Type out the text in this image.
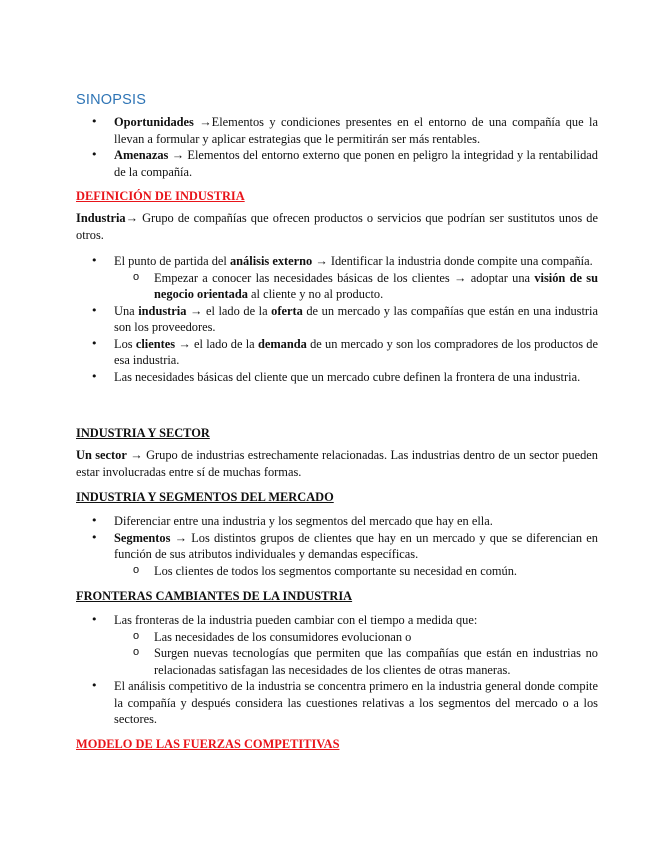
SINOPSIS
• Oportunidades →Elementos y condiciones presentes en el entorno de una compañía que la llevan a formular y aplicar estrategias que le permitirán ser más rentables.
• Amenazas → Elementos del entorno externo que ponen en peligro la integridad y la rentabilidad de la compañía.

DEFINICIÓN DE INDUSTRIA

Industria→ Grupo de compañías que ofrecen productos o servicios que podrían ser sustitutos unos de otros.

• El punto de partida del análisis externo → Identificar la industria donde compite una compañía.
o Empezar a conocer las necesidades básicas de los clientes → adoptar una visión de su negocio orientada al cliente y no al producto.
• Una industria → el lado de la oferta de un mercado y las compañías que están en una industria son los proveedores.
• Los clientes → el lado de la demanda de un mercado y son los compradores de los productos de esa industria.
• Las necesidades básicas del cliente que un mercado cubre definen la frontera de una industria.

INDUSTRIA Y SECTOR

Un sector → Grupo de industrias estrechamente relacionadas. Las industrias dentro de un sector pueden estar involucradas entre sí de muchas formas.

INDUSTRIA Y SEGMENTOS DEL MERCADO

• Diferenciar entre una industria y los segmentos del mercado que hay en ella.
• Segmentos → Los distintos grupos de clientes que hay en un mercado y que se diferencian en función de sus atributos individuales y demandas específicas.
o Los clientes de todos los segmentos comportante su necesidad en común.

FRONTERAS CAMBIANTES DE LA INDUSTRIA

• Las fronteras de la industria pueden cambiar con el tiempo a medida que:
o Las necesidades de los consumidores evolucionan o
o Surgen nuevas tecnologías que permiten que las compañías que están en industrias no relacionadas satisfagan las necesidades de los clientes de otras maneras.
• El análisis competitivo de la industria se concentra primero en la industria general donde compite la compañía y después considera las cuestiones relativas a los segmentos del mercado o a los sectores.

MODELO DE LAS FUERZAS COMPETITIVAS
